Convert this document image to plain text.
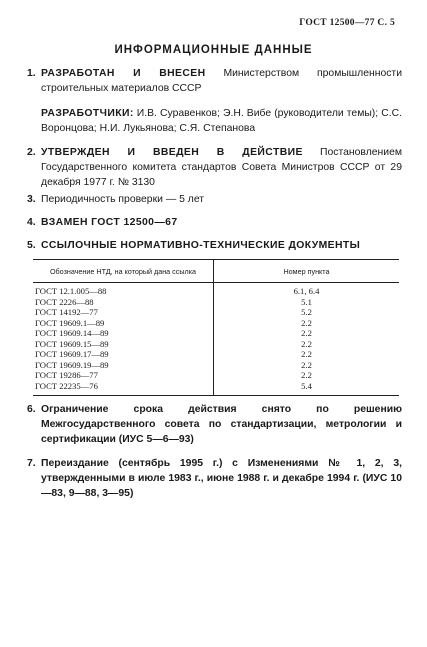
ГОСТ 12500—77 С. 5
ИНФОРМАЦИОННЫЕ ДАННЫЕ
1. РАЗРАБОТАН И ВНЕСЕН Министерством промышленности строительных материалов СССР
РАЗРАБОТЧИКИ: И.В. Суравенков; Э.Н. Вибе (руководители темы); С.С. Воронцова; Н.И. Лукьянова; С.Я. Степанова
2. УТВЕРЖДЕН И ВВЕДЕН В ДЕЙСТВИЕ Постановлением Государственного комитета стандартов Совета Министров СССР от 29 декабря 1977 г. № 3130
3. Периодичность проверки — 5 лет
4. ВЗАМЕН ГОСТ 12500—67
5. ССЫЛОЧНЫЕ НОРМАТИВНО-ТЕХНИЧЕСКИЕ ДОКУМЕНТЫ
Обозначение НТД, на который дана ссылка	Номер пункта
ГОСТ 12.1.005—88	6.1, 6.4
ГОСТ 2226—88	5.1
ГОСТ 14192—77	5.2
ГОСТ 19609.1—89	2.2
ГОСТ 19609.14—89	2.2
ГОСТ 19609.15—89	2.2
ГОСТ 19609.17—89	2.2
ГОСТ 19609.19—89	2.2
ГОСТ 19286—77	2.2
ГОСТ 22235—76	5.4
6. Ограничение срока действия снято по решению Межгосударственного совета по стандартизации, метрологии и сертификации (ИУС 5—6—93)
7. Переиздание (сентябрь 1995 г.) с Изменениями № 1, 2, 3, утвержденными в июле 1983 г., июне 1988 г. и декабре 1994 г. (ИУС 10—83, 9—88, 3—95)
